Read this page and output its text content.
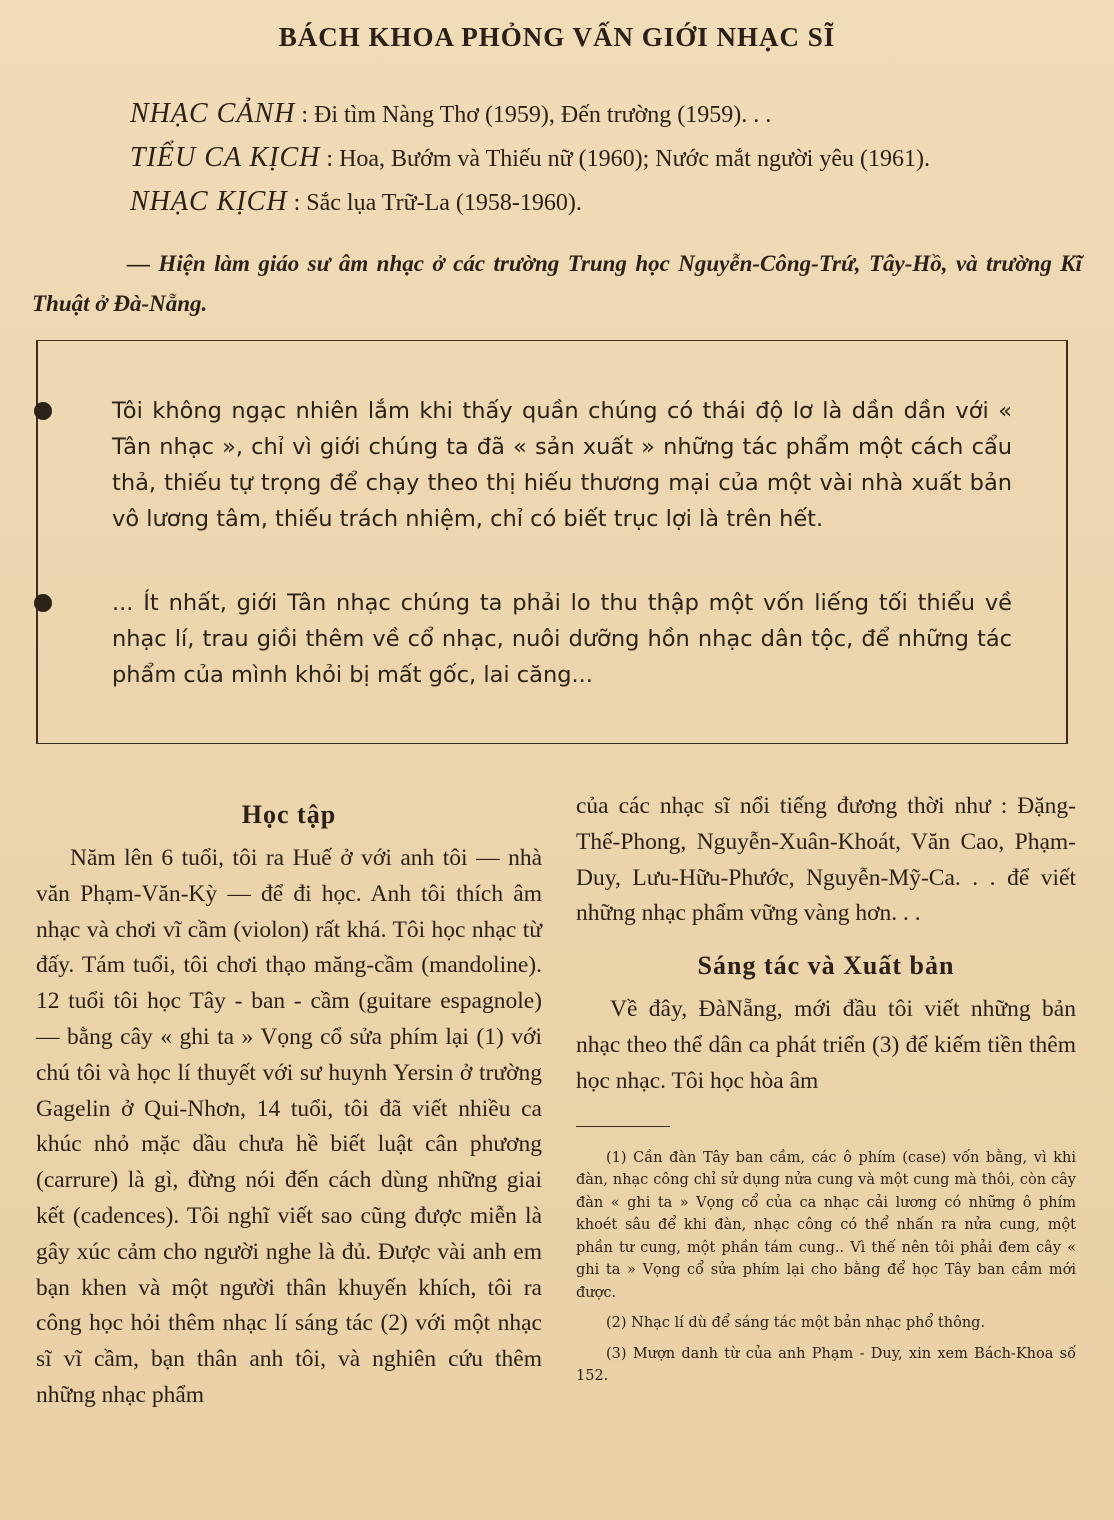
BÁCH KHOA PHỎNG VẤN GIỚI NHẠC SĨ
NHẠC CẢNH : Đi tìm Nàng Thơ (1959), Đến trường (1959). . .
TIỂU CA KỊCH : Hoa, Bướm và Thiếu nữ (1960); Nước mắt người yêu (1961).
NHẠC KỊCH : Sắc lụa Trữ-La (1958-1960).
— Hiện làm giáo sư âm nhạc ở các trường Trung học Nguyễn-Công-Trứ, Tây-Hồ, và trường Kĩ Thuật ở Đà-Nẵng.
Tôi không ngạc nhiên lắm khi thấy quần chúng có thái độ lơ là dần dần với « Tân nhạc », chỉ vì giới chúng ta đã « sản xuất » những tác phẩm một cách cẩu thả, thiếu tự trọng để chạy theo thị hiếu thương mại của một vài nhà xuất bản vô lương tâm, thiếu trách nhiệm, chỉ có biết trục lợi là trên hết.
... Ít nhất, giới Tân nhạc chúng ta phải lo thu thập một vốn liếng tối thiểu về nhạc lí, trau giồi thêm về cổ nhạc, nuôi dưỡng hồn nhạc dân tộc, để những tác phẩm của mình khỏi bị mất gốc, lai căng...
Học tập
Năm lên 6 tuổi, tôi ra Huế ở với anh tôi — nhà văn Phạm-Văn-Kỳ — để đi học. Anh tôi thích âm nhạc và chơi vĩ cầm (violon) rất khá. Tôi học nhạc từ đấy. Tám tuổi, tôi chơi thạo măng-cầm (mandoline). 12 tuổi tôi học Tây - ban - cầm (guitare espagnole) — bằng cây « ghi ta » Vọng cổ sửa phím lại (1) với chú tôi và học lí thuyết với sư huynh Yersin ở trường Gagelin ở Qui-Nhơn, 14 tuổi, tôi đã viết nhiều ca khúc nhỏ mặc dầu chưa hề biết luật cân phương (carrure) là gì, đừng nói đến cách dùng những giai kết (cadences). Tôi nghĩ viết sao cũng được miễn là gây xúc cảm cho người nghe là đủ. Được vài anh em bạn khen và một người thân khuyến khích, tôi ra công học hỏi thêm nhạc lí sáng tác (2) với một nhạc sĩ vĩ cầm, bạn thân anh tôi, và nghiên cứu thêm những nhạc phẩm
của các nhạc sĩ nổi tiếng đương thời như : Đặng-Thế-Phong, Nguyễn-Xuân-Khoát, Văn Cao, Phạm-Duy, Lưu-Hữu-Phước, Nguyễn-Mỹ-Ca. . . để viết những nhạc phẩm vững vàng hơn. . .
Sáng tác và Xuất bản
Về đây, ĐàNẵng, mới đầu tôi viết những bản nhạc theo thể dân ca phát triển (3) để kiếm tiền thêm học nhạc. Tôi học hòa âm
(1) Cần đàn Tây ban cầm, các ô phím (case) vốn bằng, vì khi đàn, nhạc công chỉ sử dụng nửa cung và một cung mà thôi, còn cây đàn « ghi ta » Vọng cổ của ca nhạc cải lương có những ô phím khoét sâu để khi đàn, nhạc công có thể nhấn ra nửa cung, một phần tư cung, một phần tám cung.. Vì thế nên tôi phải đem cây « ghi ta » Vọng cổ sửa phím lại cho bằng để học Tây ban cầm mới được.
(2) Nhạc lí dù để sáng tác một bản nhạc phổ thông.
(3) Mượn danh từ của anh Phạm - Duy, xin xem Bách-Khoa số 152.
